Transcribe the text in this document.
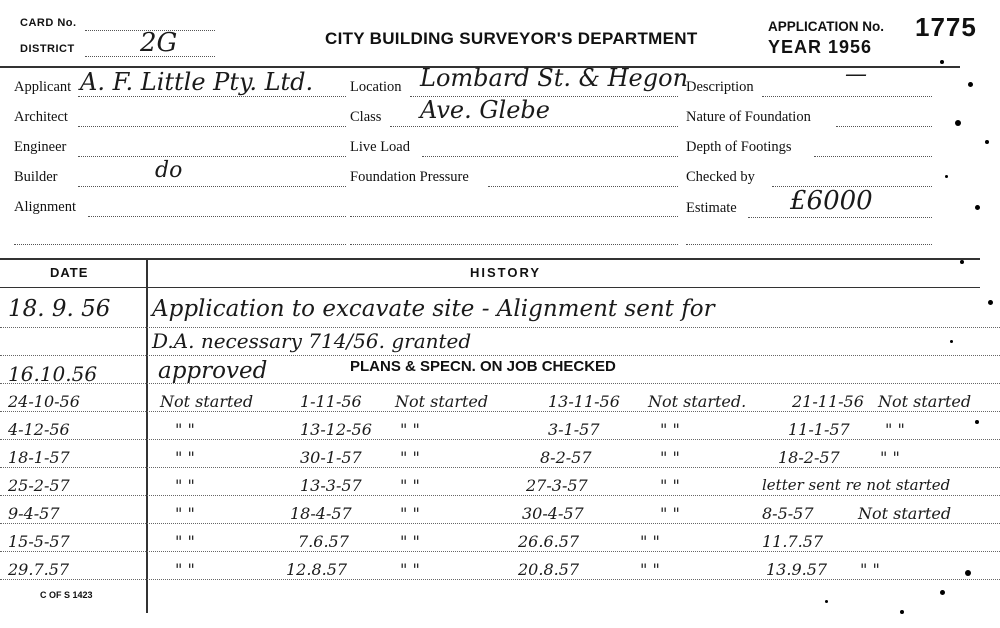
CARD No.
DISTRICT	2G	CITY BUILDING SURVEYOR'S DEPARTMENT
APPLICATION No. 1775
YEAR 1956
Applicant A. F. Little Pty. Ltd.
Architect
Engineer
Builder	do
Alignment
Location Lombard St. & Hegon
Class Ave. Glebe
Live Load
Foundation Pressure
Description	—
Nature of Foundation
Depth of Footings
Checked by
Estimate £6000
DATE	HISTORY
18. 9. 56 Application to excavate site - Alignment sent for
D.A. necessary 714/56. granted
16.10.56	approved	PLANS & SPECN. ON JOB CHECKED
24-10-56	Not started	1-11-56 Not started	13-11-56 Not started.	21-11-56 Not started
4-12-56	" "	13-12-56 " "	3-1-57	" "	11-1-57 " "
18-1-57	" "	30-1-57 " "	8-2-57	" "	18-2-57	" "
25-2-57	" "	13-3-57 " "	27-3-57	" "	letter sent re not started
9-4-57	" "	18-4-57	" "	30-4-57	" "	8-5-57	Not started
15-5-57	" "	7.6.57	" "	26.6.57	" "	11.7.57
29.7.57	" "	12.8.57	" "	20.8.57	" "	13.9.57 " "
C OF S 1423
